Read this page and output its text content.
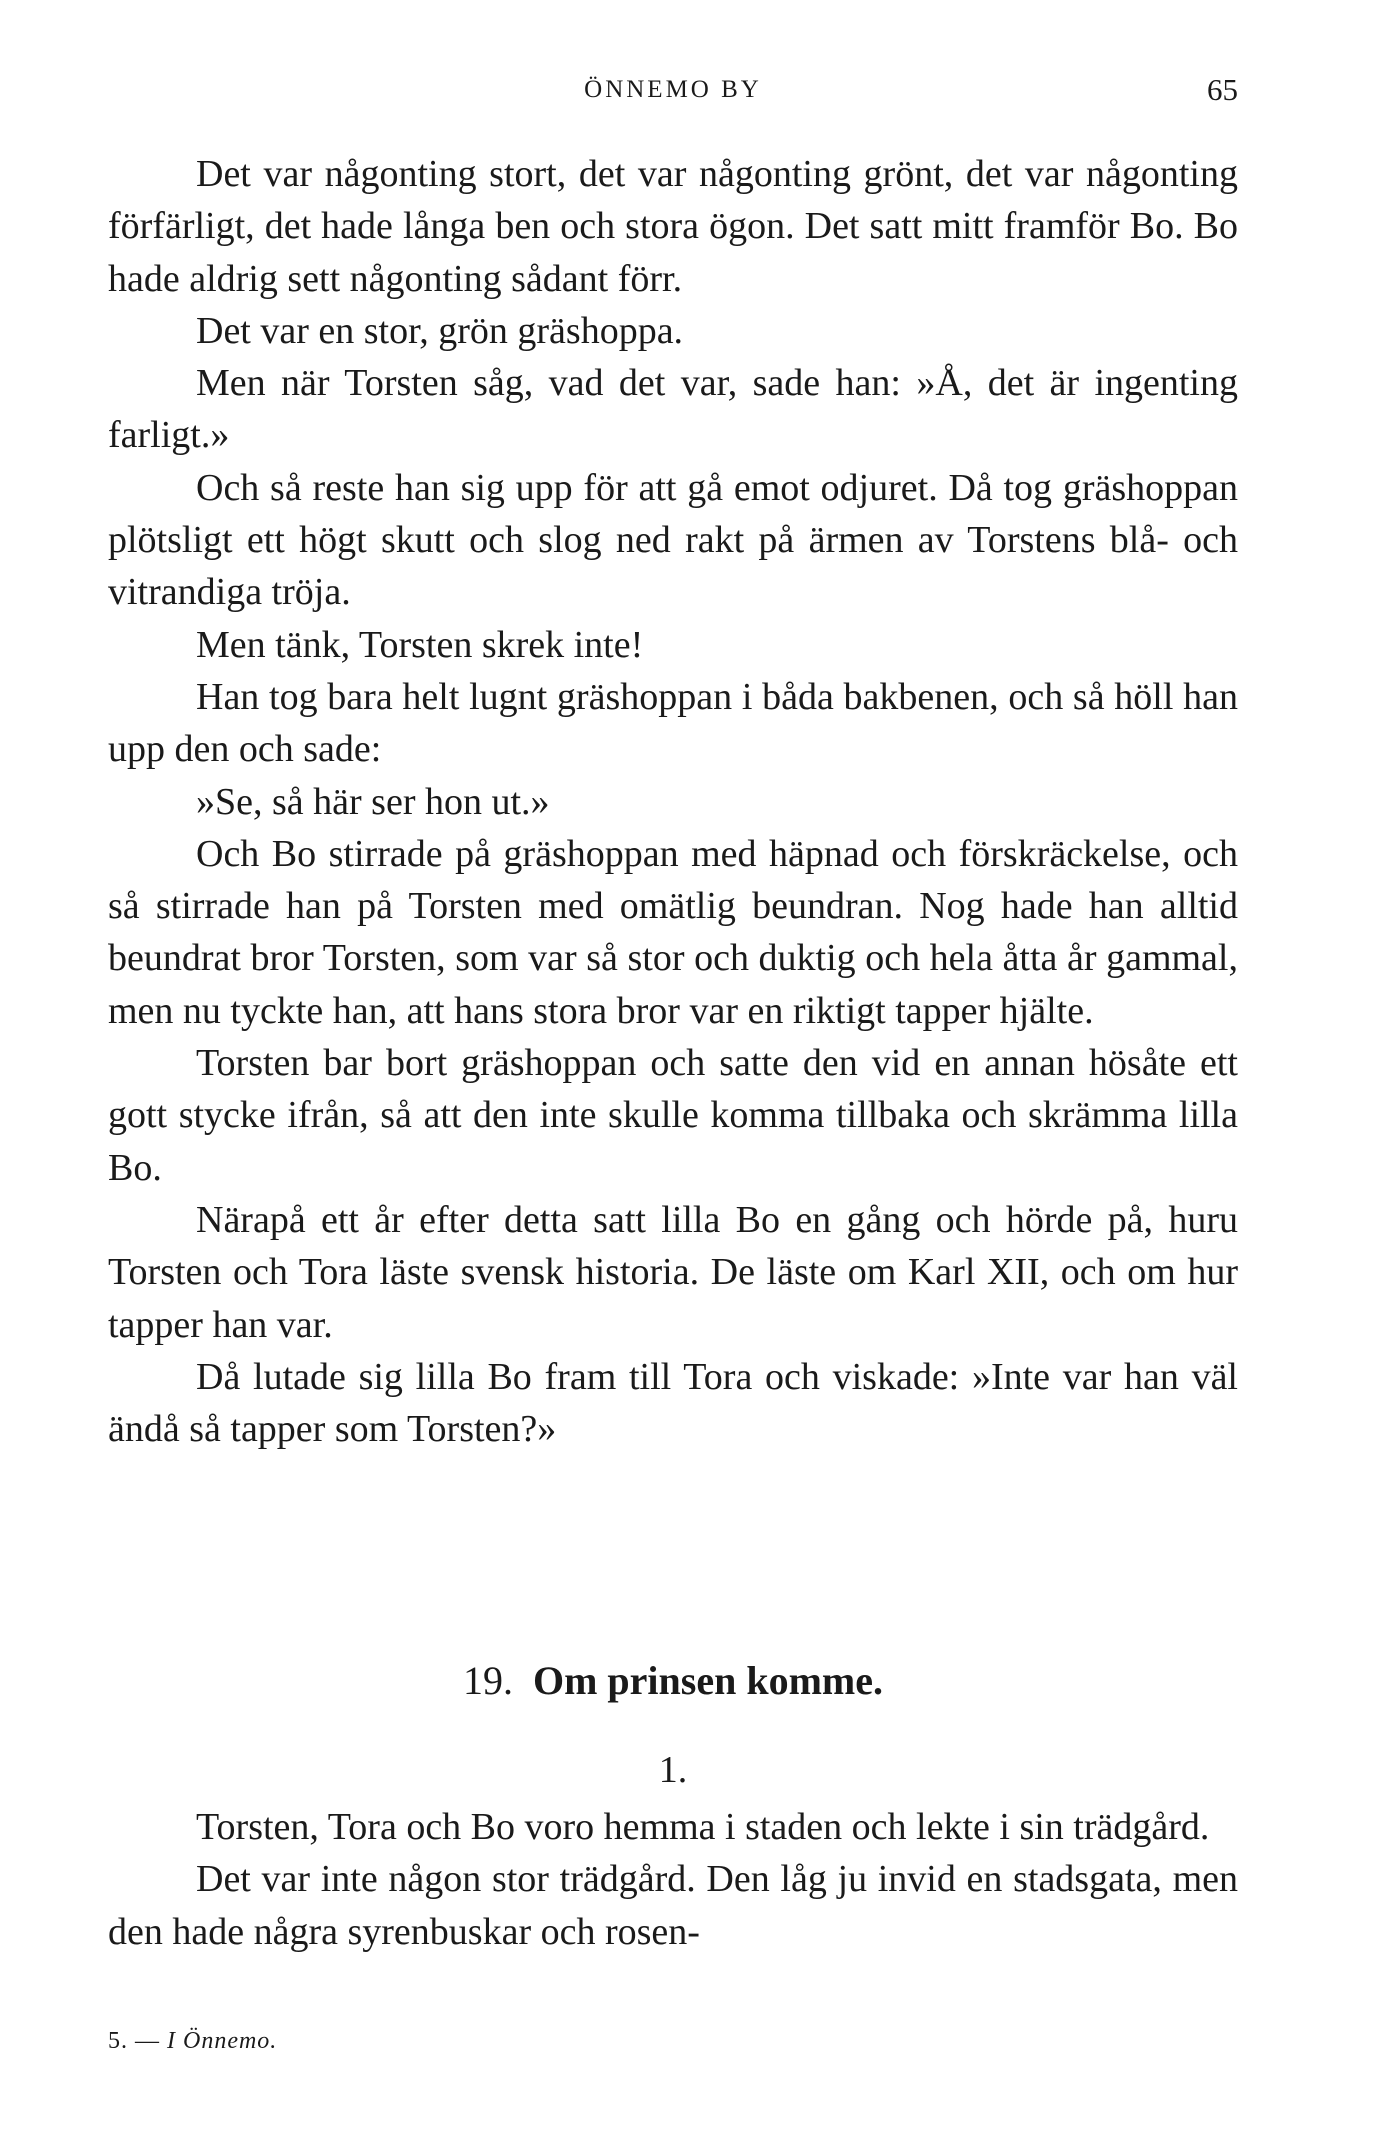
ÖNNEMO BY	65

Det var någonting stort, det var någonting grönt, det var någonting förfärligt, det hade långa ben och stora ögon. Det satt mitt framför Bo. Bo hade aldrig sett någonting sådant förr.

Det var en stor, grön gräshoppa.

Men när Torsten såg, vad det var, sade han: »Å, det är ingenting farligt.»

Och så reste han sig upp för att gå emot odjuret. Då tog gräshoppan plötsligt ett högt skutt och slog ned rakt på ärmen av Torstens blå- och vitrandiga tröja.

Men tänk, Torsten skrek inte!

Han tog bara helt lugnt gräshoppan i båda bakbenen, och så höll han upp den och sade:

»Se, så här ser hon ut.»

Och Bo stirrade på gräshoppan med häpnad och förskräckelse, och så stirrade han på Torsten med omätlig beundran. Nog hade han alltid beundrat bror Torsten, som var så stor och duktig och hela åtta år gammal, men nu tyckte han, att hans stora bror var en riktigt tapper hjälte.

Torsten bar bort gräshoppan och satte den vid en annan hösåte ett gott stycke ifrån, så att den inte skulle komma tillbaka och skrämma lilla Bo.

Närapå ett år efter detta satt lilla Bo en gång och hörde på, huru Torsten och Tora läste svensk historia. De läste om Karl XII, och om hur tapper han var.

Då lutade sig lilla Bo fram till Tora och viskade: »Inte var han väl ändå så tapper som Torsten?»

19. Om prinsen komme.
1.

Torsten, Tora och Bo voro hemma i staden och lekte i sin trädgård.

Det var inte någon stor trädgård. Den låg ju invid en stadsgata, men den hade några syrenbuskar och rosen-

5. — I Önnemo.
